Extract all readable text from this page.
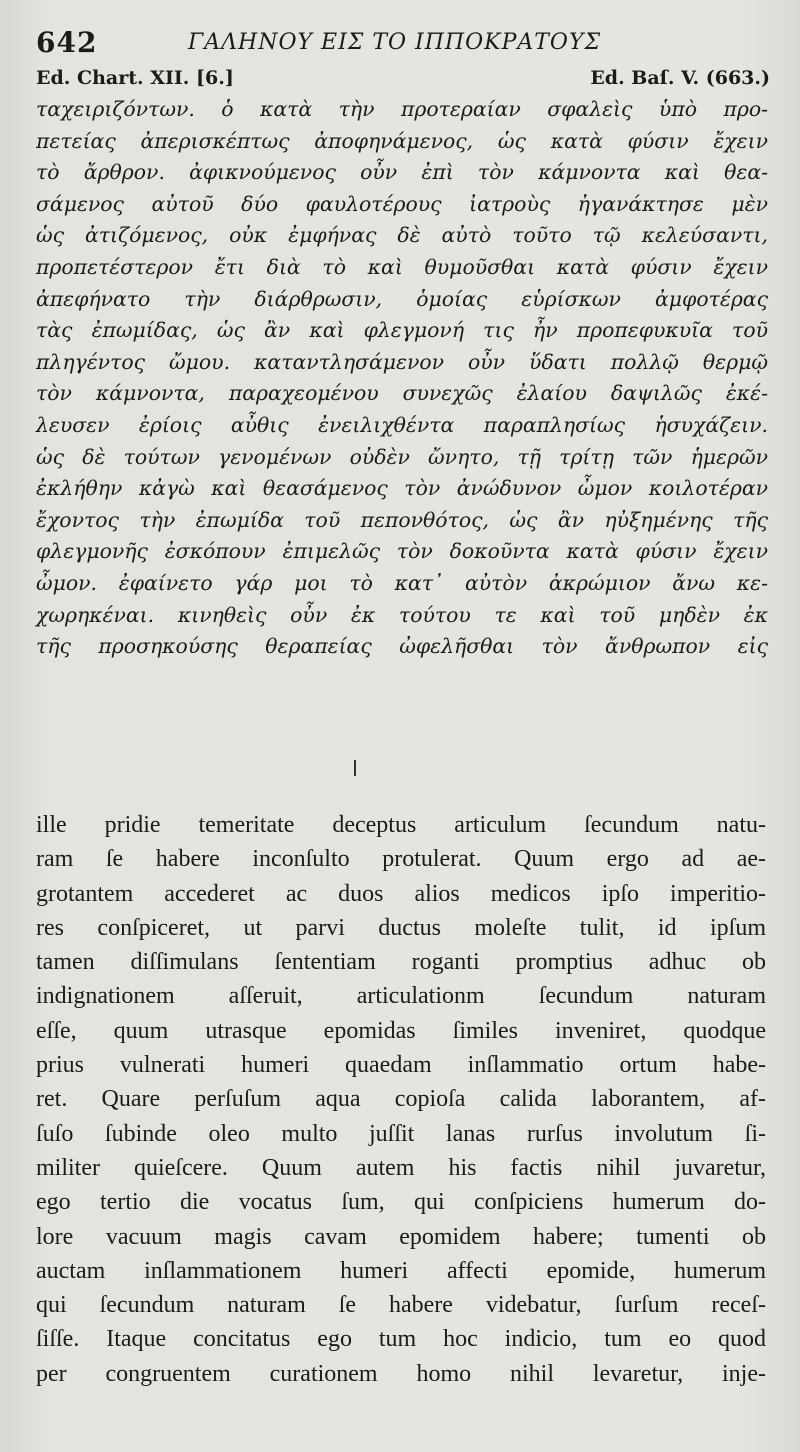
642	ΓΑΛΗΝΟΥ ΕΙΣ ΤΟ ΙΠΠΟΚΡΑΤΟΥΣ
Ed. Chart. XII. [6.]	Ed. Baſ. V. (663.)
ταχειριζόντων. ὁ κατὰ τὴν προτεραίαν σφαλεὶς ὑπὸ προ-
πετείας ἀπερισκέπτως ἀποφηνάμενος, ὡς κατὰ φύσιν ἔχειν
τὸ ἄρθρον. ἀφικνούμενος οὖν ἐπὶ τὸν κάμνοντα καὶ θεα-
σάμενος αὐτοῦ δύο φαυλοτέρους ἰατροὺς ἠγανάκτησε μὲν
ὡς ἀτιζόμενος, οὐκ ἐμφήνας δὲ αὐτὸ τοῦτο τῷ κελεύσαντι,
προπετέστερον ἔτι διὰ τὸ καὶ θυμοῦσθαι κατὰ φύσιν ἔχειν
ἀπεφήνατο τὴν διάρθρωσιν, ὁμοίας εὑρίσκων ἀμφοτέρας
τὰς ἐπωμίδας, ὡς ἂν καὶ φλεγμονή τις ἦν προπεφυκυῖα τοῦ
πληγέντος ὤμου. καταντλησάμενον οὖν ὕδατι πολλῷ θερμῷ
τὸν κάμνοντα, παραχεομένου συνεχῶς ἐλαίου δαψιλῶς ἐκέ-
λευσεν ἐρίοις αὖθις ἐνειλιχθέντα παραπλησίως ἡσυχάζειν.
ὡς δὲ τούτων γενομένων οὐδὲν ὤνητο, τῇ τρίτῃ τῶν ἡμερῶν
ἐκλήθην κἀγὼ καὶ θεασάμενος τὸν ἀνώδυνον ὦμον κοιλοτέραν
ἔχοντος τὴν ἐπωμίδα τοῦ πεπονθότος, ὡς ἂν ηὐξημένης τῆς
φλεγμονῆς ἐσκόπουν ἐπιμελῶς τὸν δοκοῦντα κατὰ φύσιν ἔχειν
ὦμον. ἐφαίνετο γάρ μοι τὸ κατ᾽ αὐτὸν ἀκρώμιον ἄνω κε-
χωρηκέναι. κινηθεὶς οὖν ἐκ τούτου τε καὶ τοῦ μηδὲν ἐκ
τῆς προσηκούσης θεραπείας ὠφελῆσθαι τὸν ἄνθρωπον εἰς
ille pridie temeritate deceptus articulum ſecundum natu-
ram ſe habere inconſulto protulerat. Quum ergo ad ae-
grotantem accederet ac duos alios medicos ipſo imperitio-
res conſpiceret, ut parvi ductus moleſte tulit, id ipſum
tamen diſſimulans ſententiam roganti promptius adhuc ob
indignationem aſſeruit, articulationm ſecundum naturam
eſſe, quum utrasque epomidas ſimiles inveniret, quodque
prius vulnerati humeri quaedam inſlammatio ortum habe-
ret. Quare perſuſum aqua copioſa calida laborantem, af-
ſuſo ſubinde oleo multo juſſit lanas rurſus involutum ſi-
militer quieſcere. Quum autem his factis nihil juvaretur,
ego tertio die vocatus ſum, qui conſpiciens humerum do-
lore vacuum magis cavam epomidem habere; tumenti ob
auctam inſlammationem humeri affecti epomide, humerum
qui ſecundum naturam ſe habere videbatur, ſurſum receſ-
ſiſſe. Itaque concitatus ego tum hoc indicio, tum eo quod
per congruentem curationem homo nihil levaretur, inje-
